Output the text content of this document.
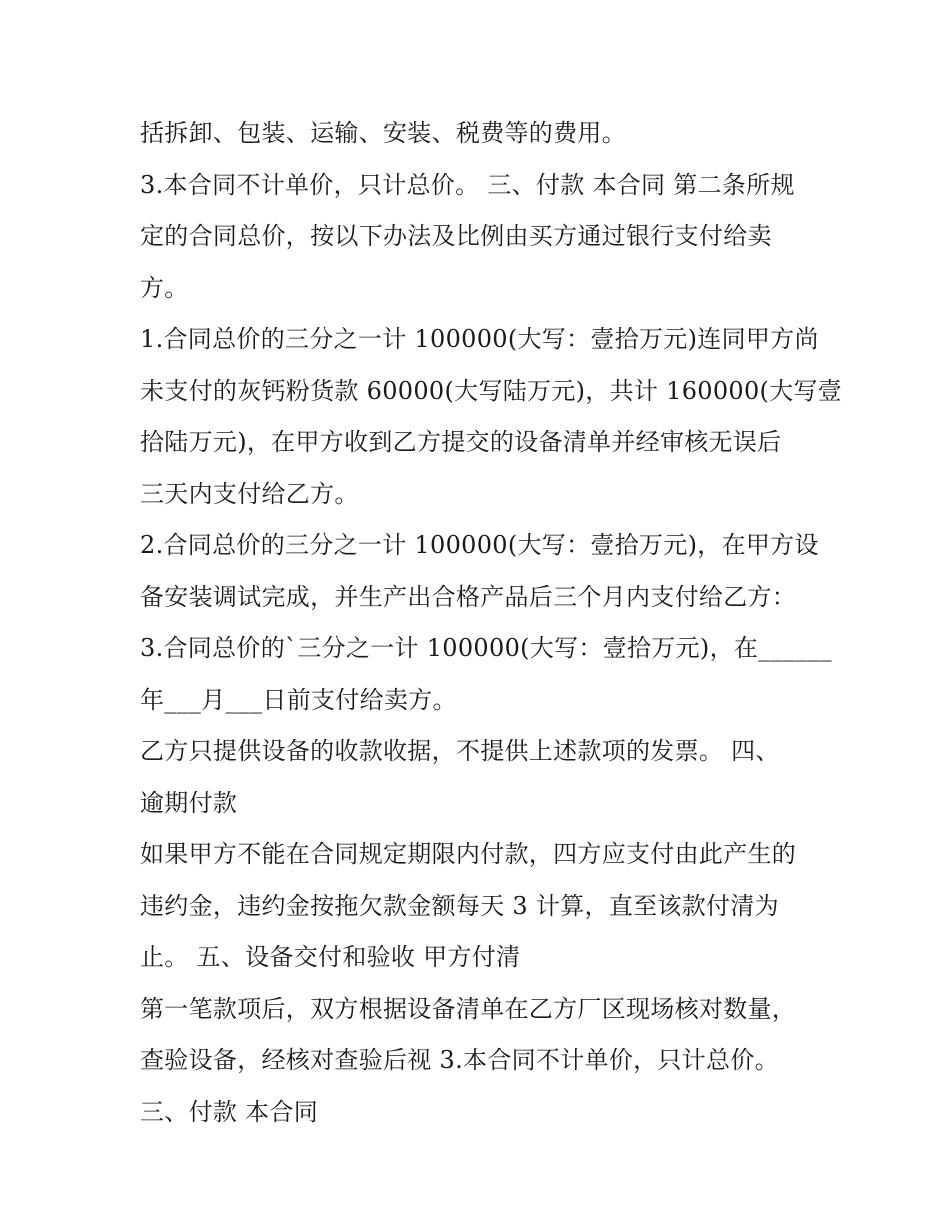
括拆卸、包装、运输、安装、税费等的费用。
3.本合同不计单价，只计总价。 三、付款 本合同 第二条所规
定的合同总价，按以下办法及比例由买方通过银行支付给卖
方。
1.合同总价的三分之一计 100000(大写：壹拾万元)连同甲方尚
未支付的灰钙粉货款 60000(大写陆万元)，共计 160000(大写壹
拾陆万元)，在甲方收到乙方提交的设备清单并经审核无误后
三天内支付给乙方。
2.合同总价的三分之一计 100000(大写：壹拾万元)，在甲方设
备安装调试完成，并生产出合格产品后三个月内支付给乙方：
3.合同总价的`三分之一计 100000(大写：壹拾万元)，在______
年___月___日前支付给卖方。
乙方只提供设备的收款收据，不提供上述款项的发票。 四、
逾期付款
如果甲方不能在合同规定期限内付款，四方应支付由此产生的
违约金，违约金按拖欠款金额每天 3 计算，直至该款付清为
止。 五、设备交付和验收 甲方付清
第一笔款项后，双方根据设备清单在乙方厂区现场核对数量，
查验设备，经核对查验后视 3.本合同不计单价，只计总价。
三、付款 本合同
